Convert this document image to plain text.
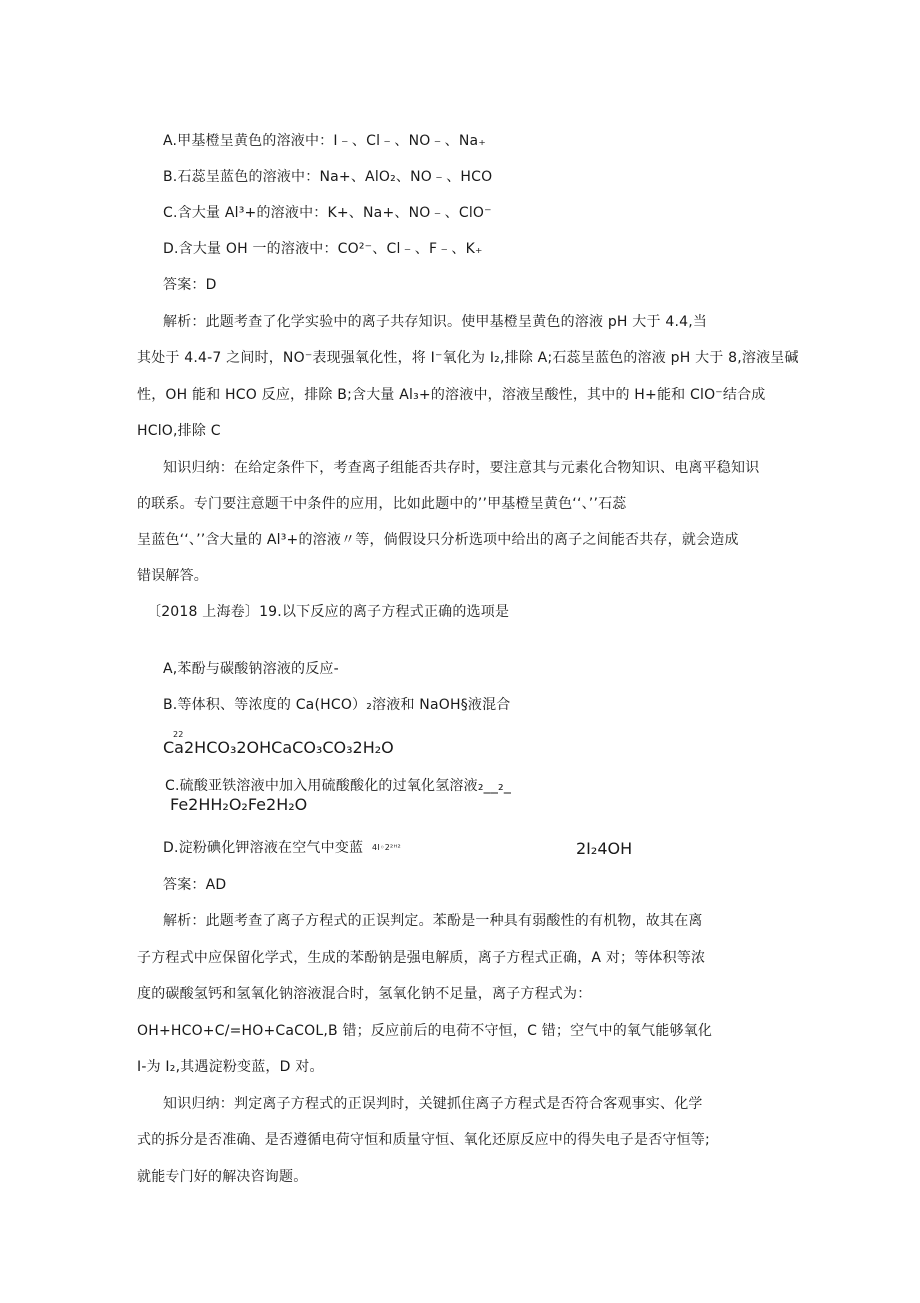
A.甲基橙呈黄色的溶液中：I﹣、Cl﹣、NO﹣、Na₊
B.石蕊呈蓝色的溶液中：Na+、AlO₂、NO﹣、HCO
C.含大量 Al³+的溶液中：K+、Na+、NO﹣、ClO⁻
D.含大量 OH 一的溶液中：CO²⁻、Cl﹣、F﹣、K₊
答案：D
解析：此题考查了化学实验中的离子共存知识。使甲基橙呈黄色的溶液 pH 大于 4.4,当
其处于 4.4-7 之间时，NO⁻表现强氧化性，将 I⁻氧化为 I₂,排除 A;石蕊呈蓝色的溶液 pH 大于 8,溶液呈碱
性，OH 能和 HCO 反应，排除 B;含大量 Al₃+的溶液中，溶液呈酸性，其中的 H+能和 ClO⁻结合成
HClO,排除 C
知识归纳：在给定条件下，考查离子组能否共存时，要注意其与元素化合物知识、电离平稳知识
的联系。专门要注意题干中条件的应用，比如此题中的’’甲基橙呈黄色‘‘、’’石蕊
呈蓝色‘‘、’’含大量的 Al³+的溶液〃等，倘假设只分析选项中给出的离子之间能否共存，就会造成
错误解答。
〔2018 上海卷〕19.以下反应的离子方程式正确的选项是
A,苯酚与碳酸钠溶液的反应-
B.等体积、等浓度的 Ca(HCO）₂溶液和 NaOH§液混合
22
Ca2HCO₃2OHCaCO₃CO₃2H₂O
C.硫酸亚铁溶液中加入用硫酸酸化的过氧化氢溶液₂__₂_
Fe2HH₂O₂Fe2H₂O
D.淀粉碘化钾溶液在空气中变蓝 4I◦2²ᴴ²	2I₂4OH
答案：AD
解析：此题考查了离子方程式的正误判定。苯酚是一种具有弱酸性的有机物，故其在离
子方程式中应保留化学式，生成的苯酚钠是强电解质，离子方程式正确，A 对；等体积等浓
度的碳酸氢钙和氢氧化钠溶液混合时，氢氧化钠不足量，离子方程式为：
OH+HCO+C/=HO+CaCOL,B 错；反应前后的电荷不守恒，C 错；空气中的氧气能够氧化
I-为 I₂,其遇淀粉变蓝，D 对。
知识归纳：判定离子方程式的正误判时，关键抓住离子方程式是否符合客观事实、化学
式的拆分是否准确、是否遵循电荷守恒和质量守恒、氧化还原反应中的得失电子是否守恒等;
就能专门好的解决咨询题。
